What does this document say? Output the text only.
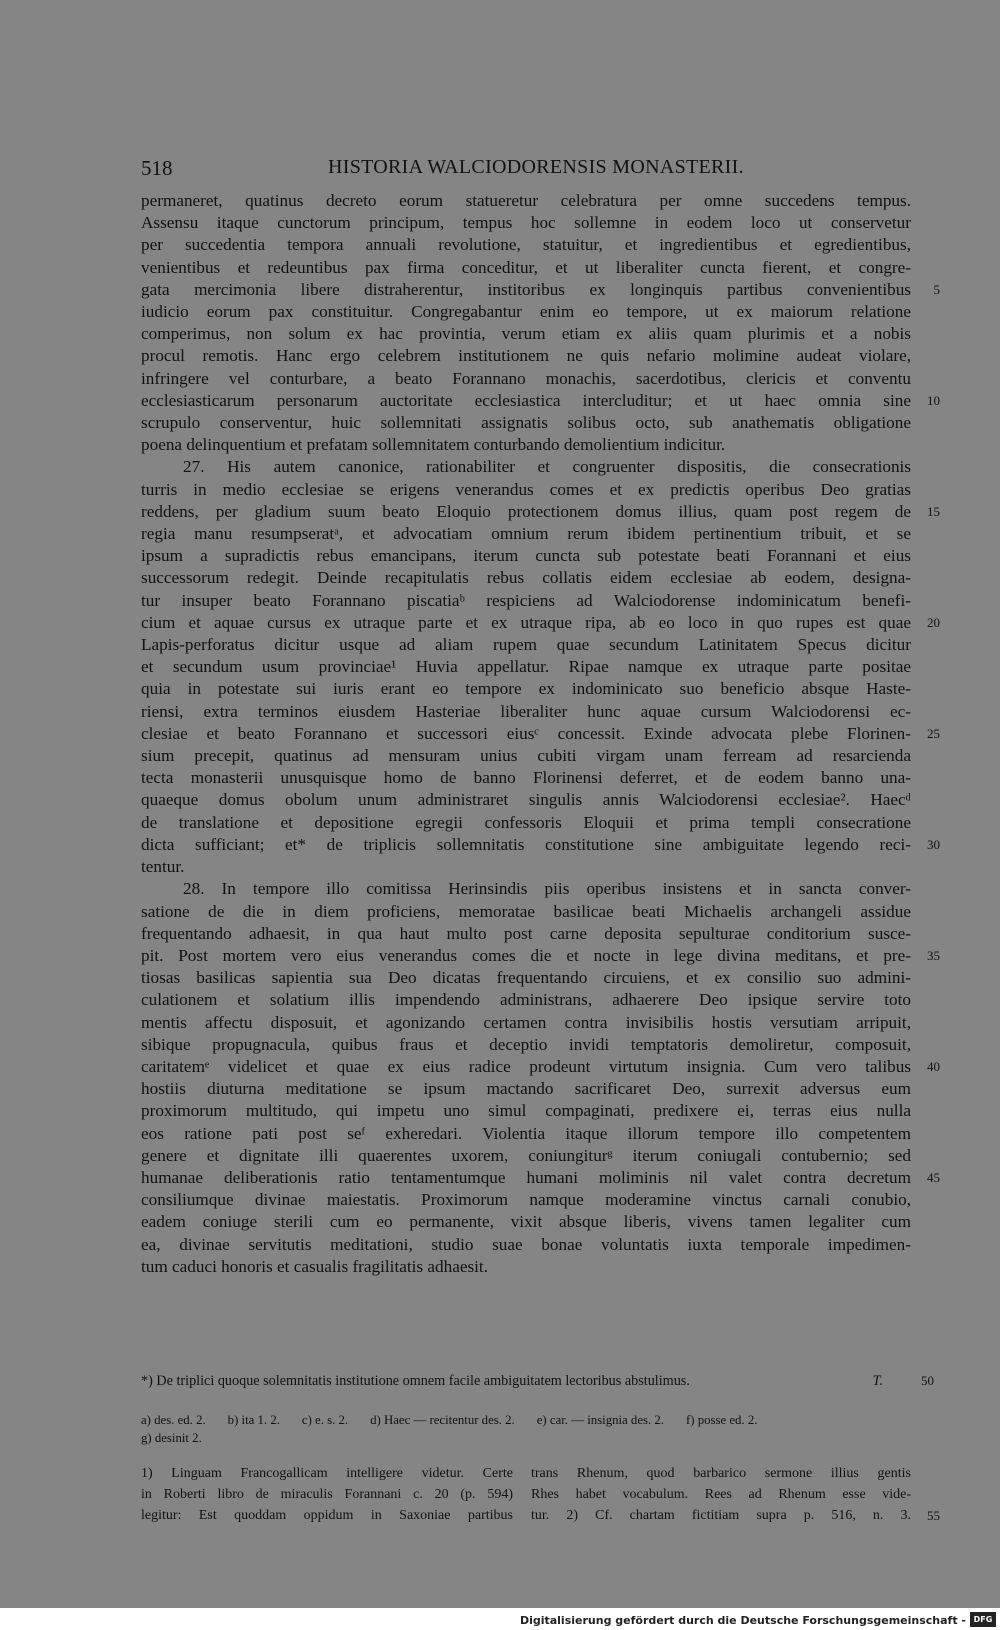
518	HISTORIA WALCIODORENSIS MONASTERII.
permaneret, quatinus decreto eorum statueretur celebratura per omne succedens tempus.
Assensu itaque cunctorum principum, tempus hoc sollemne in eodem loco ut conservetur
per succedentia tempora annuali revolutione, statuitur, et ingredientibus et egredientibus,
venientibus et redeuntibus pax firma conceditur, et ut liberaliter cuncta fierent, et congre-
gata mercimonia libere distraherentur, institoribus ex longinquis partibus convenientibus 5
iudicio eorum pax constituitur. Congregabantur enim eo tempore, ut ex maiorum relatione
comperimus, non solum ex hac provintia, verum etiam ex aliis quam plurimis et a nobis
procul remotis. Hanc ergo celebrem institutionem ne quis nefario molimine audeat violare,
infringere vel conturbare, a beato Forannano monachis, sacerdotibus, clericis et conventu
ecclesiasticarum personarum auctoritate ecclesiastica intercluditur; et ut haec omnia sine 10
scrupulo conserventur, huic sollemnitati assignatis solibus octo, sub anathematis obligatione
poena delinquentium et prefatam sollemnitatem conturbando demolientium indicitur.
27. His autem canonice, rationabiliter et congruenter dispositis, die consecrationis
turris in medio ecclesiae se erigens venerandus comes et ex predictis operibus Deo gratias
reddens, per gladium suum beato Eloquio protectionem domus illius, quam post regem de 15
regia manu resumpseratᵃ, et advocatiam omnium rerum ibidem pertinentium tribuit, et se
ipsum a supradictis rebus emancipans, iterum cuncta sub potestate beati Forannani et eius
successorum redegit. Deinde recapitulatis rebus collatis eidem ecclesiae ab eodem, designa-
tur insuper beato Forannano piscatiaᵇ respiciens ad Walciodorense indominicatum benefi-
cium et aquae cursus ex utraque parte et ex utraque ripa, ab eo loco in quo rupes est quae 20
Lapis-perforatus dicitur usque ad aliam rupem quae secundum Latinitatem Specus dicitur
et secundum usum provinciae¹ Huvia appellatur. Ripae namque ex utraque parte positae
quia in potestate sui iuris erant eo tempore ex indominicato suo beneficio absque Haste-
riensi, extra terminos eiusdem Hasteriae liberaliter hunc aquae cursum Walciodorensi ec-
clesiae et beato Forannano et successori eiusᶜ concessit. Exinde advocata plebe Florinen- 25
sium precepit, quatinus ad mensuram unius cubiti virgam unam ferream ad resarcienda
tecta monasterii unusquisque homo de banno Florinensi deferret, et de eodem banno una-
quaeque domus obolum unum administraret singulis annis Walciodorensi ecclesiae². Haecᵈ
de translatione et depositione egregii confessoris Eloquii et prima templi consecratione
dicta sufficiant; et* de triplicis sollemnitatis constitutione sine ambiguitate legendo reci- 30
tentur.
28. In tempore illo comitissa Herinsindis piis operibus insistens et in sancta conver-
satione de die in diem proficiens, memoratae basilicae beati Michaelis archangeli assidue
frequentando adhaesit, in qua haut multo post carne deposita sepulturae conditorium susce-
pit. Post mortem vero eius venerandus comes die et nocte in lege divina meditans, et pre- 35
tiosas basilicas sapientia sua Deo dicatas frequentando circuiens, et ex consilio suo admini-
culationem et solatium illis impendendo administrans, adhaerere Deo ipsique servire toto
mentis affectu disposuit, et agonizando certamen contra invisibilis hostis versutiam arripuit,
sibique propugnacula, quibus fraus et deceptio invidi temptatoris demoliretur, composuit,
caritatemᵉ videlicet et quae ex eius radice prodeunt virtutum insignia. Cum vero talibus 40
hostiis diuturna meditatione se ipsum mactando sacrificaret Deo, surrexit adversus eum
proximorum multitudo, qui impetu uno simul compaginati, predixere ei, terras eius nulla
eos ratione pati post seᶠ exheredari. Violentia itaque illorum tempore illo competentem
genere et dignitate illi quaerentes uxorem, coniungiturᵍ iterum coniugali contubernio; sed
humanae deliberationis ratio tentamentumque humani moliminis nil valet contra decretum 45
consiliumque divinae maiestatis. Proximorum namque moderamine vinctus carnali conubio,
eadem coniuge sterili cum eo permanente, vixit absque liberis, vivens tamen legaliter cum
ea, divinae servitutis meditationi, studio suae bonae voluntatis iuxta temporale impedimen-
tum caduci honoris et casualis fragilitatis adhaesit.
*) De triplici quoque solemnitatis institutione omnem facile ambiguitatem lectoribus abstulimus.	T.	50
a) des. ed. 2. b) ita 1. 2. c) e. s. 2. d) Haec — recitentur des. 2. e) car. — insignia des. 2. f) posse ed. 2.
g) desinit 2.
1) Linguam Francogallicam intelligere videtur. Certe
in Roberti libro de miraculis Forannani c. 20 (p. 594)
legitur: Est quoddam oppidum in Saxoniae partibus
trans Rhenum, quod barbarico sermone illius gentis
Rhes habet vocabulum. Rees ad Rhenum esse vide-
tur. 2) Cf. chartam fictitiam supra p. 516, n. 3. 55
Digitalisierung gefördert durch die Deutsche Forschungsgemeinschaft - DFG
